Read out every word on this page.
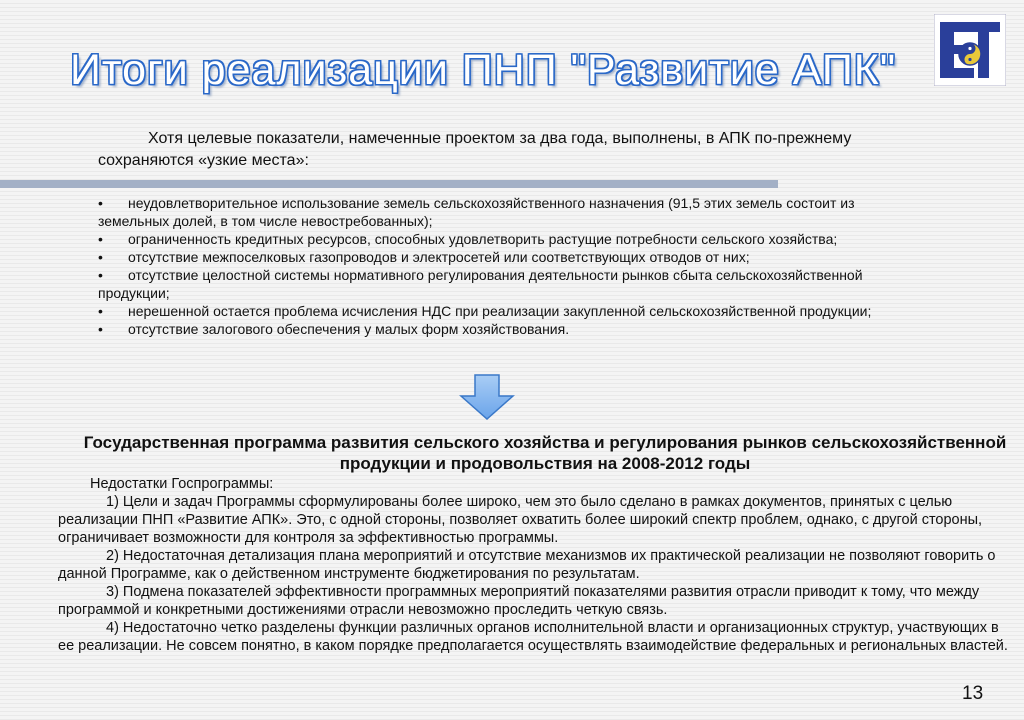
Итоги реализации ПНП "Развитие АПК"
Хотя целевые показатели, намеченные проектом за два года, выполнены, в АПК по-прежнему сохраняются «узкие места»:
• неудовлетворительное использование земель сельскохозяйственного назначения (91,5 этих земель состоит из земельных долей, в том числе невостребованных);
• ограниченность кредитных ресурсов, способных удовлетворить растущие потребности сельского хозяйства;
• отсутствие межпоселковых газопроводов и электросетей или соответствующих отводов от них;
• отсутствие целостной системы нормативного регулирования деятельности рынков сбыта сельскохозяйственной продукции;
• нерешенной остается проблема исчисления НДС при реализации закупленной сельскохозяйственной продукции;
• отсутствие залогового обеспечения у малых форм хозяйствования.
Государственная программа развития сельского хозяйства и регулирования рынков сельскохозяйственной продукции и продовольствия на 2008-2012 годы
Недостатки Госпрограммы:

1) Цели и задач Программы сформулированы более широко, чем это было сделано в рамках документов, принятых с целью реализации ПНП «Развитие АПК». Это, с одной стороны, позволяет охватить более широкий спектр проблем, однако, с другой стороны, ограничивает возможности для контроля за эффективностью программы.

2) Недостаточная детализация плана мероприятий и отсутствие механизмов их практической реализации не позволяют говорить о данной Программе, как о действенном инструменте бюджетирования по результатам.

3) Подмена показателей эффективности программных мероприятий показателями развития отрасли приводит к тому, что между программой и конкретными достижениями отрасли невозможно проследить четкую связь.

4) Недостаточно четко разделены функции различных органов исполнительной власти и организационных структур, участвующих в ее реализации. Не совсем понятно, в каком порядке предполагается осуществлять взаимодействие федеральных и региональных властей.

13
